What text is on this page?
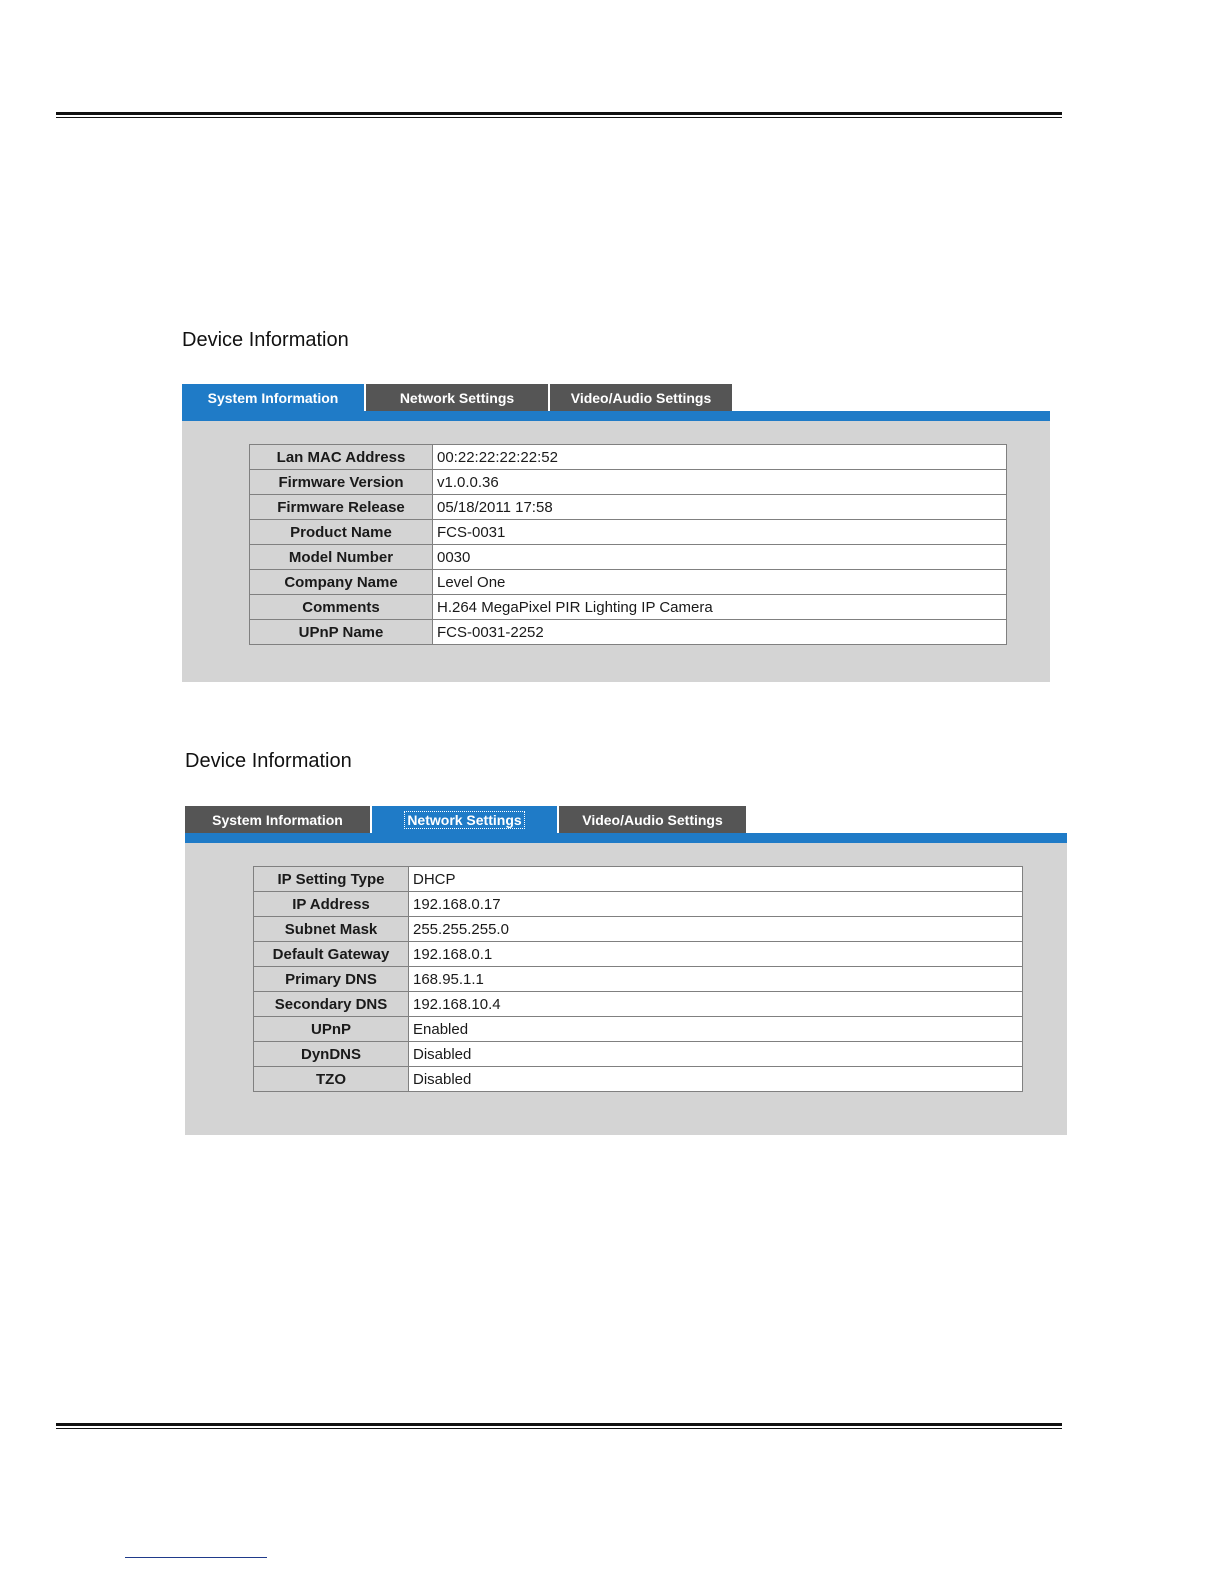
Device Information
System Information	Network Settings	Video/Audio Settings
Lan MAC Address	00:22:22:22:22:52
Firmware Version	v1.0.0.36
Firmware Release	05/18/2011 17:58
Product Name	FCS-0031
Model Number	0030
Company Name	Level One
Comments	H.264 MegaPixel PIR Lighting IP Camera
UPnP Name	FCS-0031-2252
Device Information
System Information	Network Settings	Video/Audio Settings
IP Setting Type	DHCP
IP Address	192.168.0.17
Subnet Mask	255.255.255.0
Default Gateway	192.168.0.1
Primary DNS	168.95.1.1
Secondary DNS	192.168.10.4
UPnP	Enabled
DynDNS	Disabled
TZO	Disabled
